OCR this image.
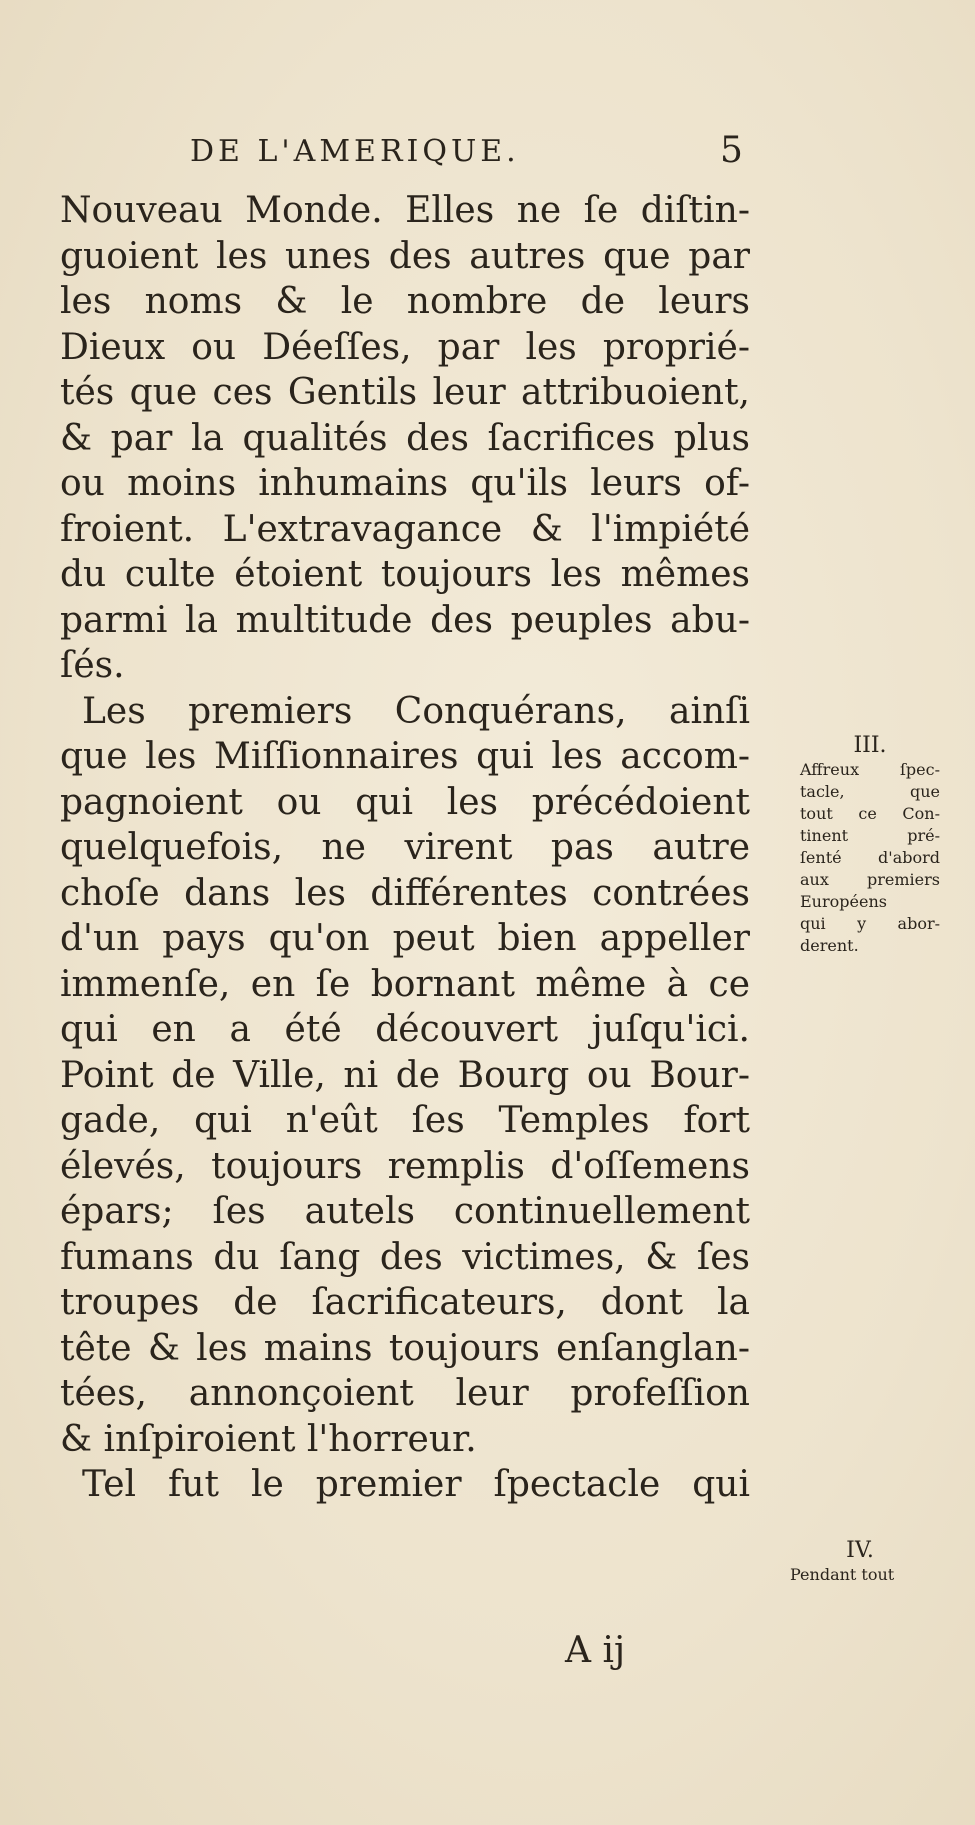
DE L'AMERIQUE.	5
Nouveau Monde. Elles ne ſe diſtin-
guoient les unes des autres que par
les noms & le nombre de leurs
Dieux ou Déeſſes, par les proprié-
tés que ces Gentils leur attribuoient,
& par la qualités des ſacrifices plus
ou moins inhumains qu'ils leurs of-
froient. L'extravagance & l'impiété
du culte étoient toujours les mêmes
parmi la multitude des peuples abu-
ſés.
Les premiers Conquérans, ainſi
que les Miſſionnaires qui les accom-
pagnoient ou qui les précédoient
quelquefois, ne virent pas autre
choſe dans les différentes contrées
d'un pays qu'on peut bien appeller
immenſe, en ſe bornant même à ce
qui en a été découvert juſqu'ici.
Point de Ville, ni de Bourg ou Bour-
gade, qui n'eût ſes Temples fort
élevés, toujours remplis d'oſſemens
épars; ſes autels continuellement
fumans du ſang des victimes, & ſes
troupes de ſacrificateurs, dont la
tête & les mains toujours enſanglan-
tées, annonçoient leur profeſſion
& inſpiroient l'horreur.
Tel fut le premier ſpectacle qui
III.
Affreux ſpec-
tacle, que
tout ce Con-
tinent pré-
ſenté d'abord
aux premiers
Européens
qui y abor-
derent.
IV.
Pendant tout
A ij
